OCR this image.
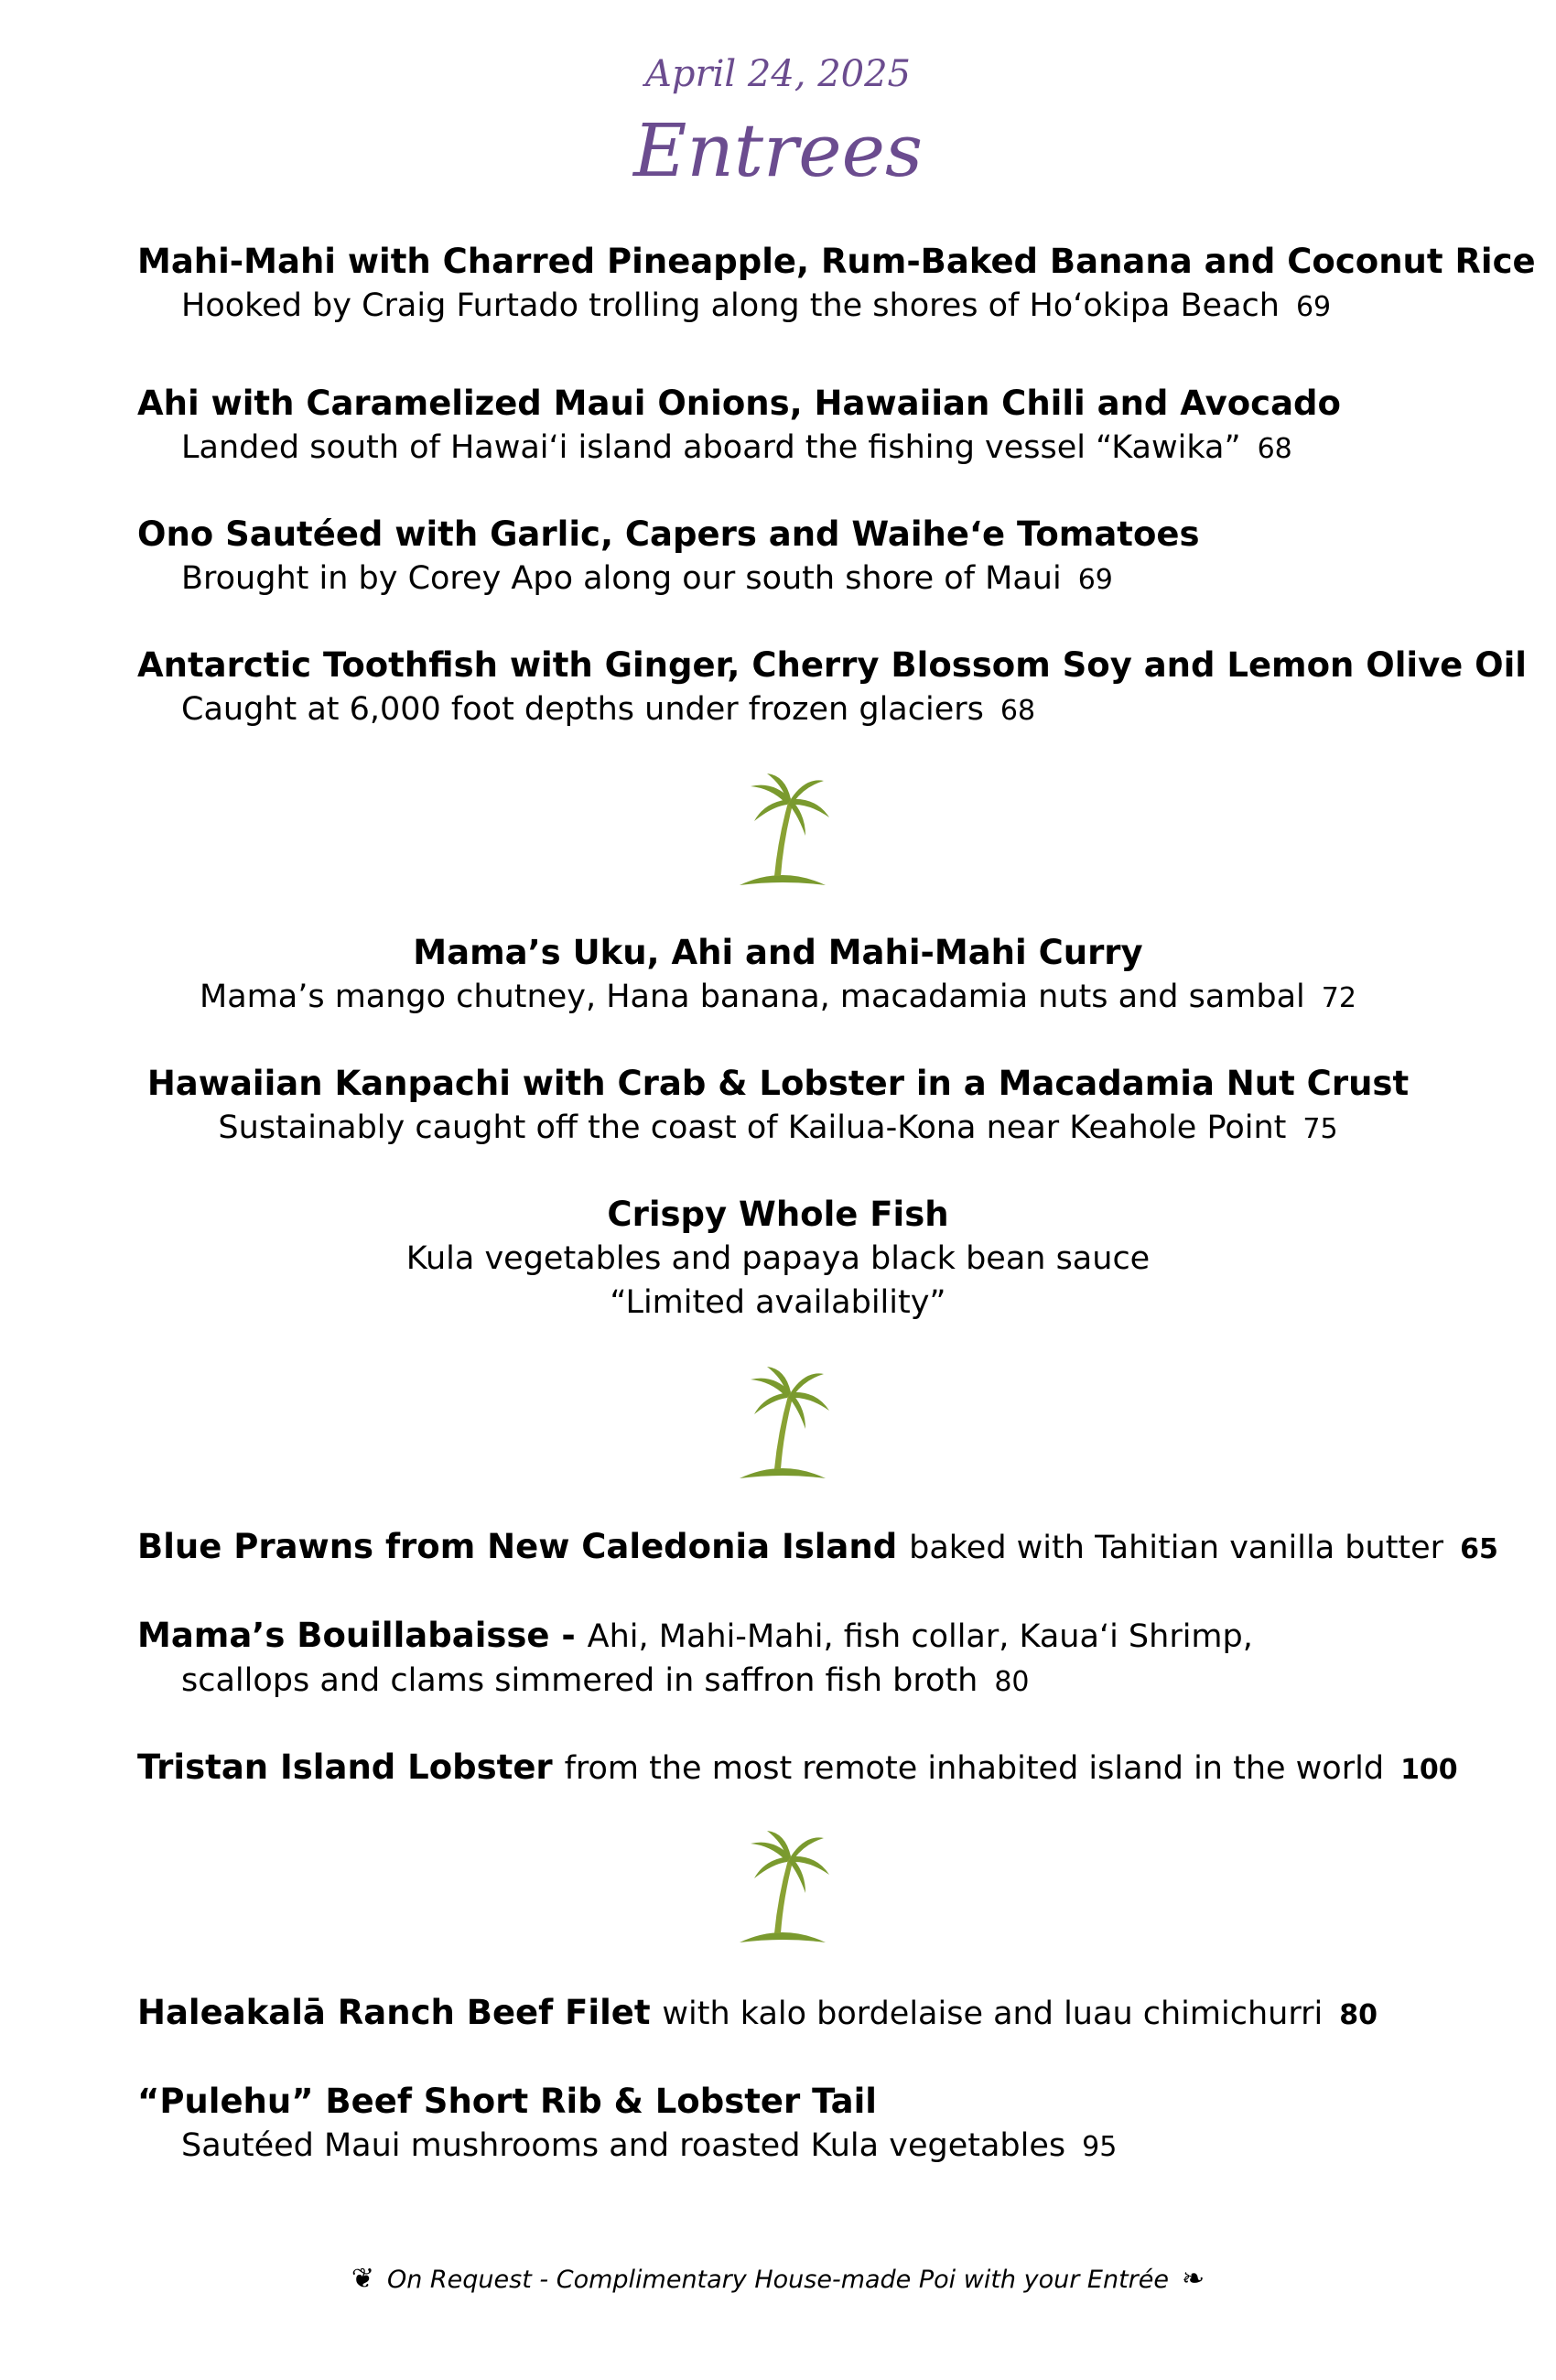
April 24, 2025
Entrees
Mahi-Mahi with Charred Pineapple, Rum-Baked Banana and Coconut Rice
Hooked by Craig Furtado trolling along the shores of Ho‘okipa Beach 69
Ahi with Caramelized Maui Onions, Hawaiian Chili and Avocado
Landed south of Hawai‘i island aboard the fishing vessel “Kawika” 68
Ono Sautéed with Garlic, Capers and Waihe‘e Tomatoes
Brought in by Corey Apo along our south shore of Maui 69
Antarctic Toothfish with Ginger, Cherry Blossom Soy and Lemon Olive Oil
Caught at 6,000 foot depths under frozen glaciers 68
Mama’s Uku, Ahi and Mahi-Mahi Curry
Mama’s mango chutney, Hana banana, macadamia nuts and sambal 72
Hawaiian Kanpachi with Crab & Lobster in a Macadamia Nut Crust
Sustainably caught off the coast of Kailua-Kona near Keahole Point 75
Crispy Whole Fish
Kula vegetables and papaya black bean sauce
“Limited availability”
Blue Prawns from New Caledonia Island baked with Tahitian vanilla butter 65
Mama’s Bouillabaisse - Ahi, Mahi-Mahi, fish collar, Kaua‘i Shrimp,
scallops and clams simmered in saffron fish broth 80
Tristan Island Lobster from the most remote inhabited island in the world 100
Haleakalā Ranch Beef Filet with kalo bordelaise and luau chimichurri 80
“Pulehu” Beef Short Rib & Lobster Tail
Sautéed Maui mushrooms and roasted Kula vegetables 95
❦ On Request - Complimentary House-made Poi with your Entrée ❧
